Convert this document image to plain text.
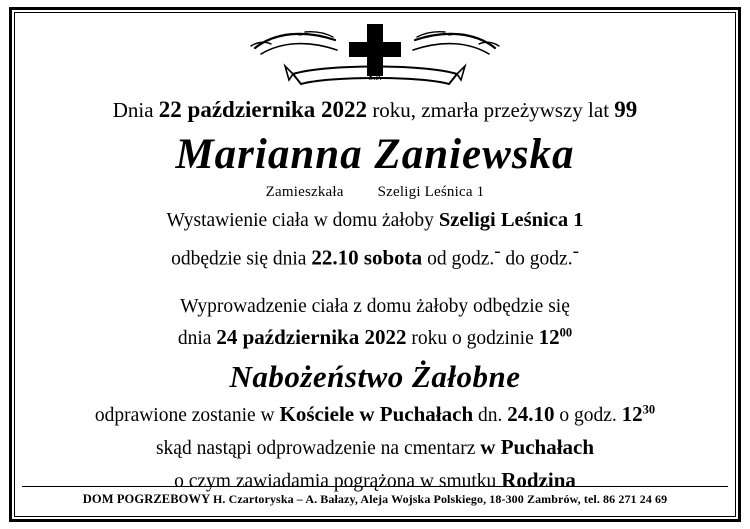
Ś.P.
Dnia 22 października 2022 roku, zmarła przeżywszy lat 99
Marianna Zaniewska
Zamieszkała Szeligi Leśnica 1
Wystawienie ciała w domu żałoby Szeligi Leśnica 1
odbędzie się dnia 22.10 sobota od godz.- do godz.-
Wyprowadzenie ciała z domu żałoby odbędzie się
dnia 24 października 2022 roku o godzinie $12^{00}$
Nabożeństwo Żałobne
odprawione zostanie w Kościele w Puchałach dn. 24.10 o godz. $12^{30}$
skąd nastąpi odprowadzenie na cmentarz w Puchałach
o czym zawiadamia pogrążona w smutku Rodzina
DOM POGRZEBOWY H. Czartoryska – A. Bałazy, Aleja Wojska Polskiego, 18-300 Zambrów, tel. 86 271 24 69
